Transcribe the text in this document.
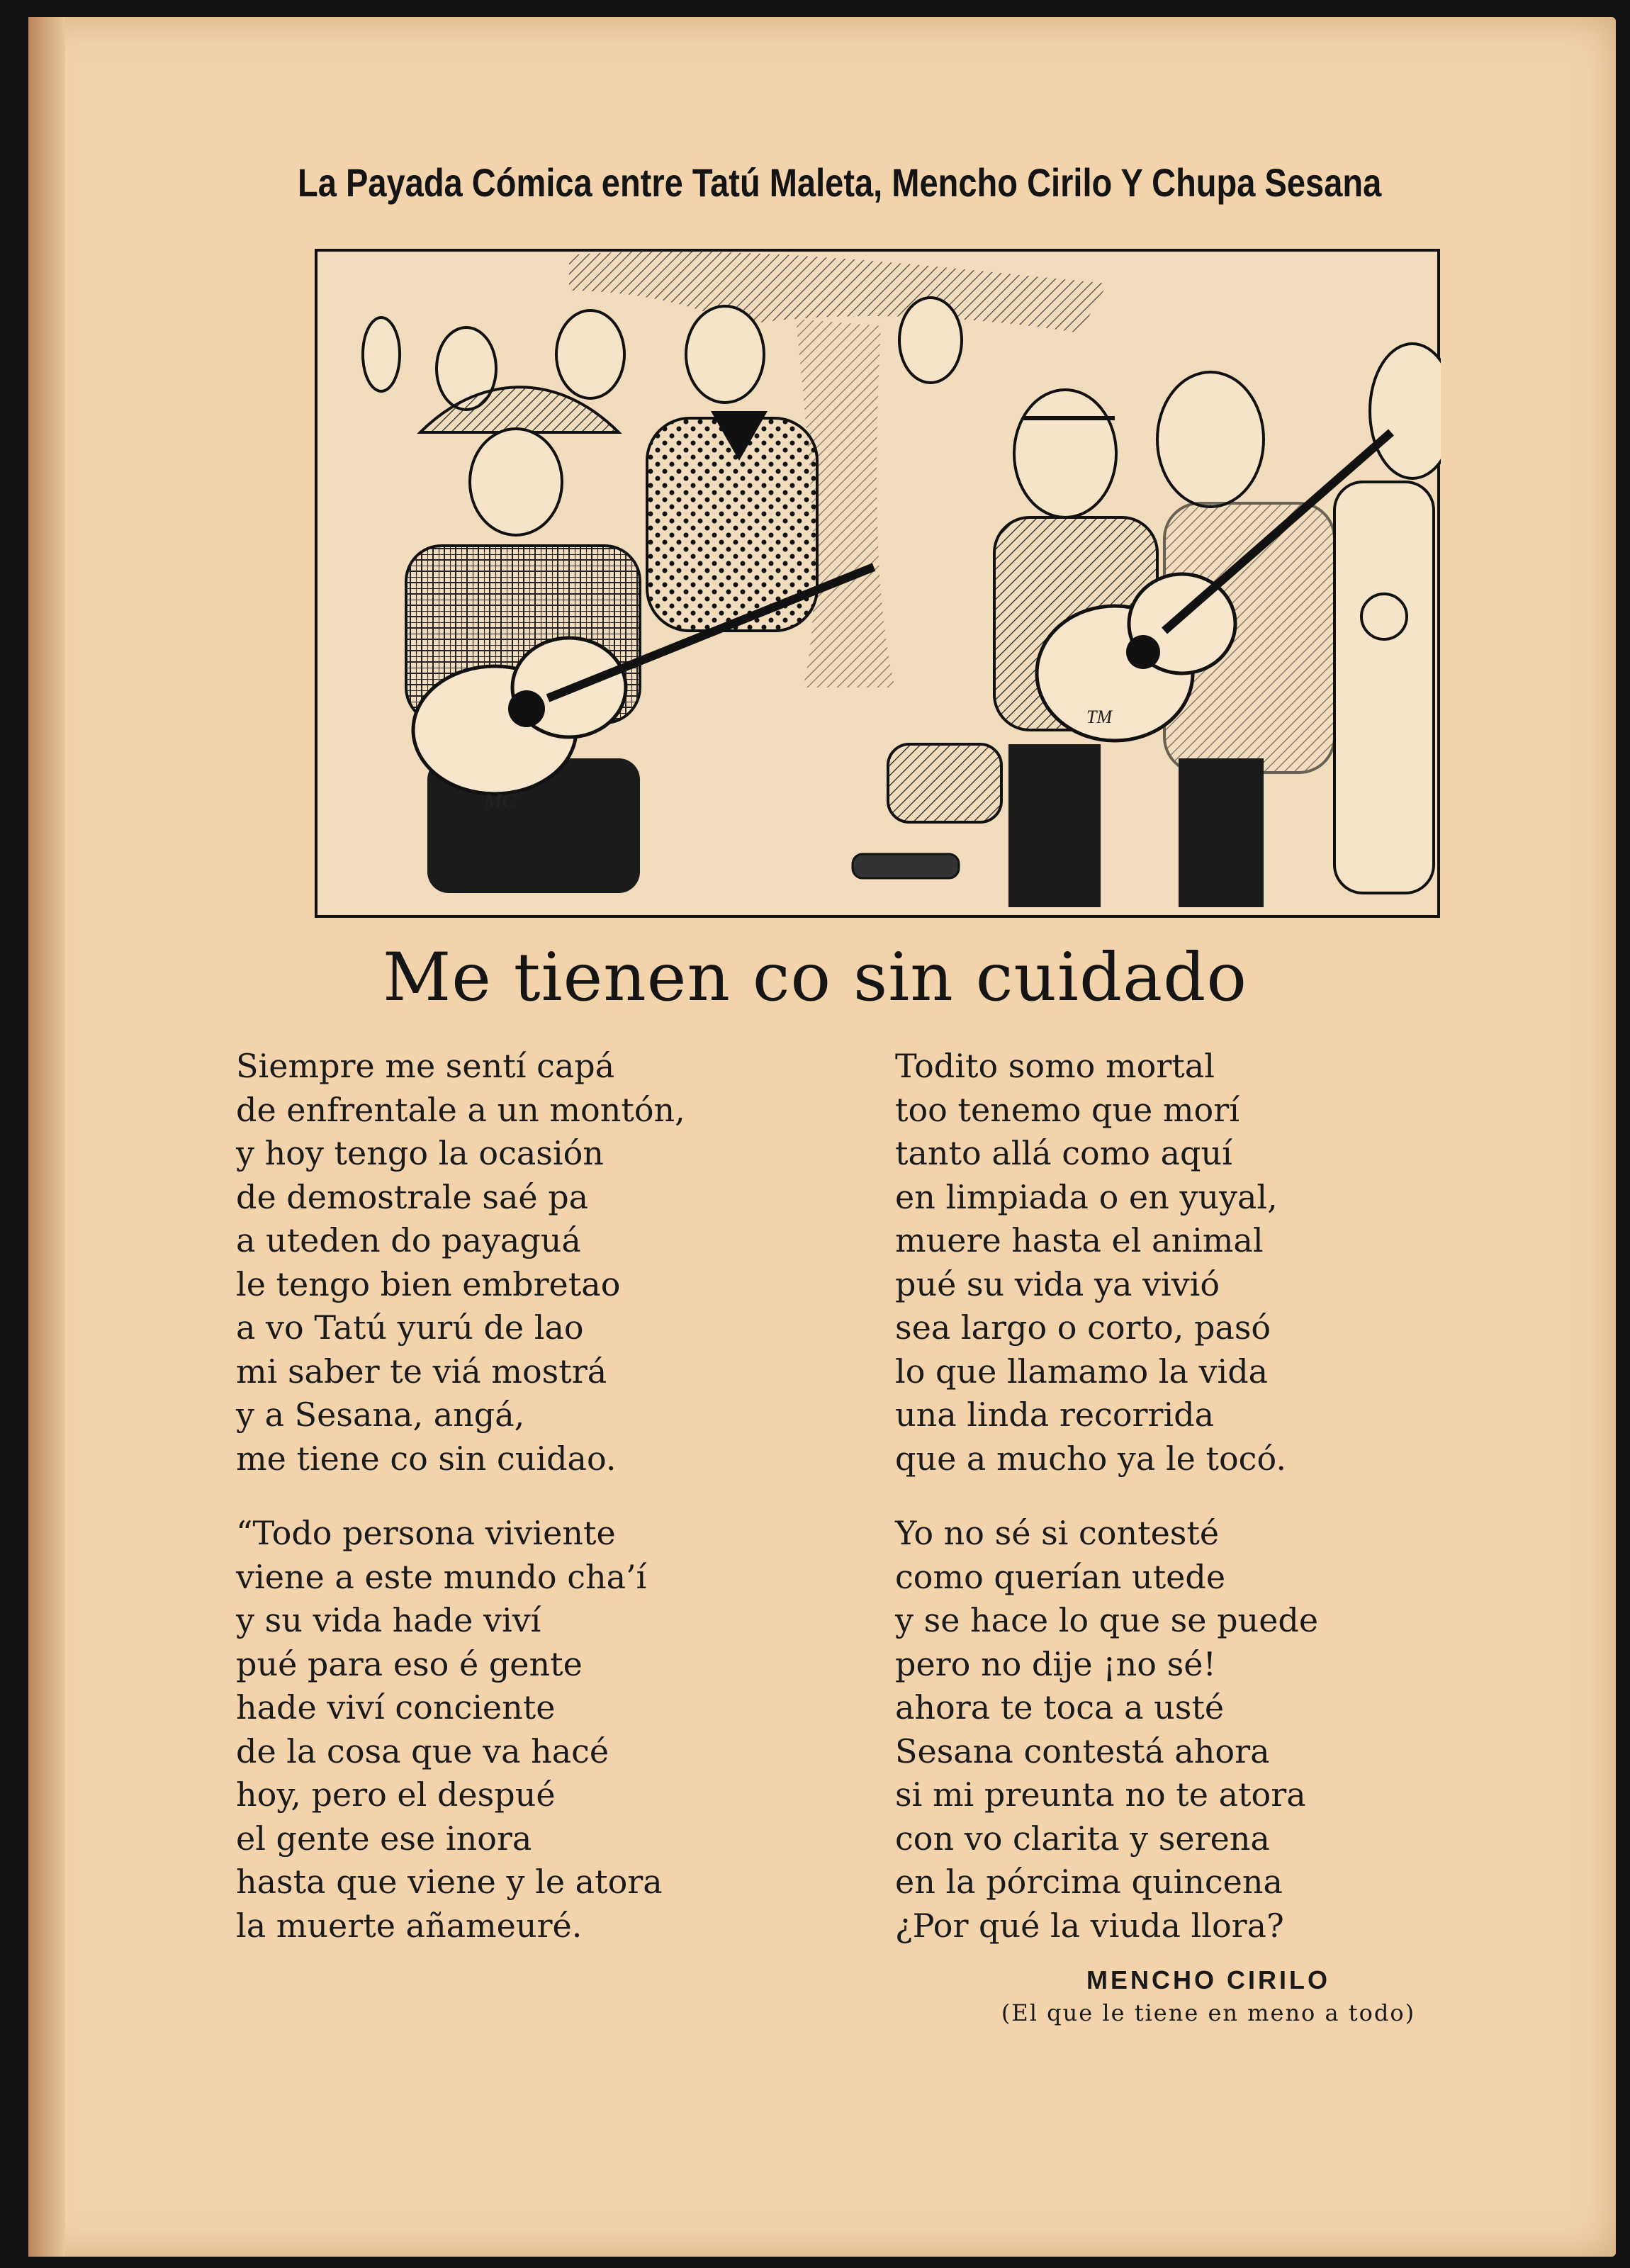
La Payada Cómica entre Tatú Maleta, Mencho Cirilo Y Chupa Sesana
MC
TM
Me tienen co sin cuidado
Siempre me sentí capá
de enfrentale a un montón,
y hoy tengo la ocasión
de demostrale saé pa
a uteden do payaguá
le tengo bien embretao
a vo Tatú yurú de lao
mi saber te viá mostrá
y a Sesana, angá,
me tiene co sin cuidao.
“Todo persona viviente
viene a este mundo cha’í
y su vida hade viví
pué para eso é gente
hade viví conciente
de la cosa que va hacé
hoy, pero el despué
el gente ese inora
hasta que viene y le atora
la muerte añameuré.
Todito somo mortal
too tenemo que morí
tanto allá como aquí
en limpiada o en yuyal,
muere hasta el animal
pué su vida ya vivió
sea largo o corto, pasó
lo que llamamo la vida
una linda recorrida
que a mucho ya le tocó.
Yo no sé si contesté
como querían utede
y se hace lo que se puede
pero no dije ¡no sé!
ahora te toca a usté
Sesana contestá ahora
si mi preunta no te atora
con vo clarita y serena
en la pórcima quincena
¿Por qué la viuda llora?
MENCHO CIRILO
(El que le tiene en meno a todo)
